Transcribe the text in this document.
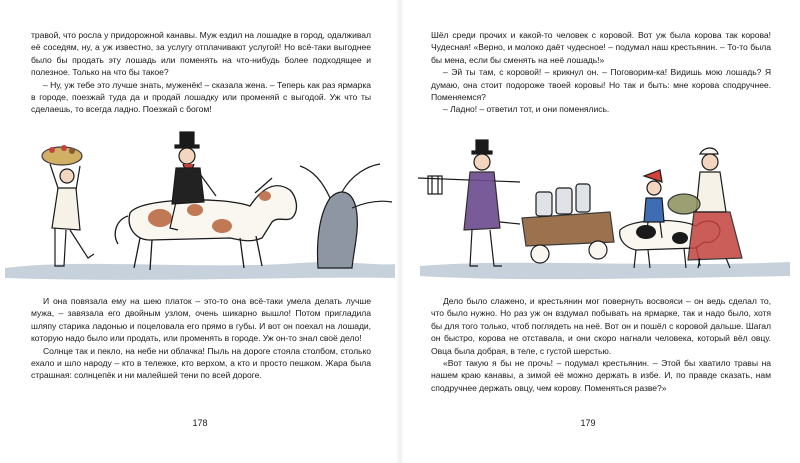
травой, что росла у придорожной канавы. Муж ездил на лошадке в город, одалживал её соседям, ну, а уж известно, за услугу отплачивают услугой! Но всё-таки выгоднее было бы продать эту лошадь или поменять на что-нибудь более подходящее и полезное. Только на что бы такое?

– Ну, уж тебе это лучше знать, муженёк! – сказала жена. – Теперь как раз ярмарка в городе, поезжай туда да и продай лошадку или променяй с выгодой. Уж что ты сделаешь, то всегда ладно. Поезжай с богом!

И она повязала ему на шею платок – это-то она всё-таки умела делать лучше мужа, – завязала его двойным узлом, очень шикарно вышло! Потом пригладила шляпу старика ладонью и поцеловала его прямо в губы. И вот он поехал на лошади, которую надо было или продать, или променять в городе. Уж он-то знал своё дело!

Солнце так и пекло, на небе ни облачка! Пыль на дороге стояла столбом, столько ехало и шло народу – кто в тележке, кто верхом, а кто и просто пешком. Жара была страшная: солнцепёк и ни малейшей тени по всей дороге.

178

Шёл среди прочих и какой-то человек с коровой. Вот уж была корова так корова! Чудесная! «Верно, и молоко даёт чудесное! – подумал наш крестьянин. – То-то была бы мена, если бы сменять на неё лошадь!»

– Эй ты там, с коровой! – крикнул он. – Поговорим-ка! Видишь мою лошадь? Я думаю, она стоит подороже твоей коровы! Но так и быть: мне корова сподручнее. Поменяемся?

– Ладно! – ответил тот, и они поменялись.

Дело было слажено, и крестьянин мог повернуть восвояси – он ведь сделал то, что было нужно. Но раз уж он вздумал побывать на ярмарке, так и надо было, хотя бы для того только, чтоб поглядеть на неё. Вот он и пошёл с коровой дальше. Шагал он быстро, корова не отставала, и они скоро нагнали человека, который вёл овцу. Овца была добрая, в теле, с густой шерстью.

«Вот такую я бы не прочь! – подумал крестьянин. – Этой бы хватило травы на нашем краю канавы, а зимой её можно держать в избе. И, по правде сказать, нам сподручнее держать овцу, чем корову. Поменяться разве?»

179
